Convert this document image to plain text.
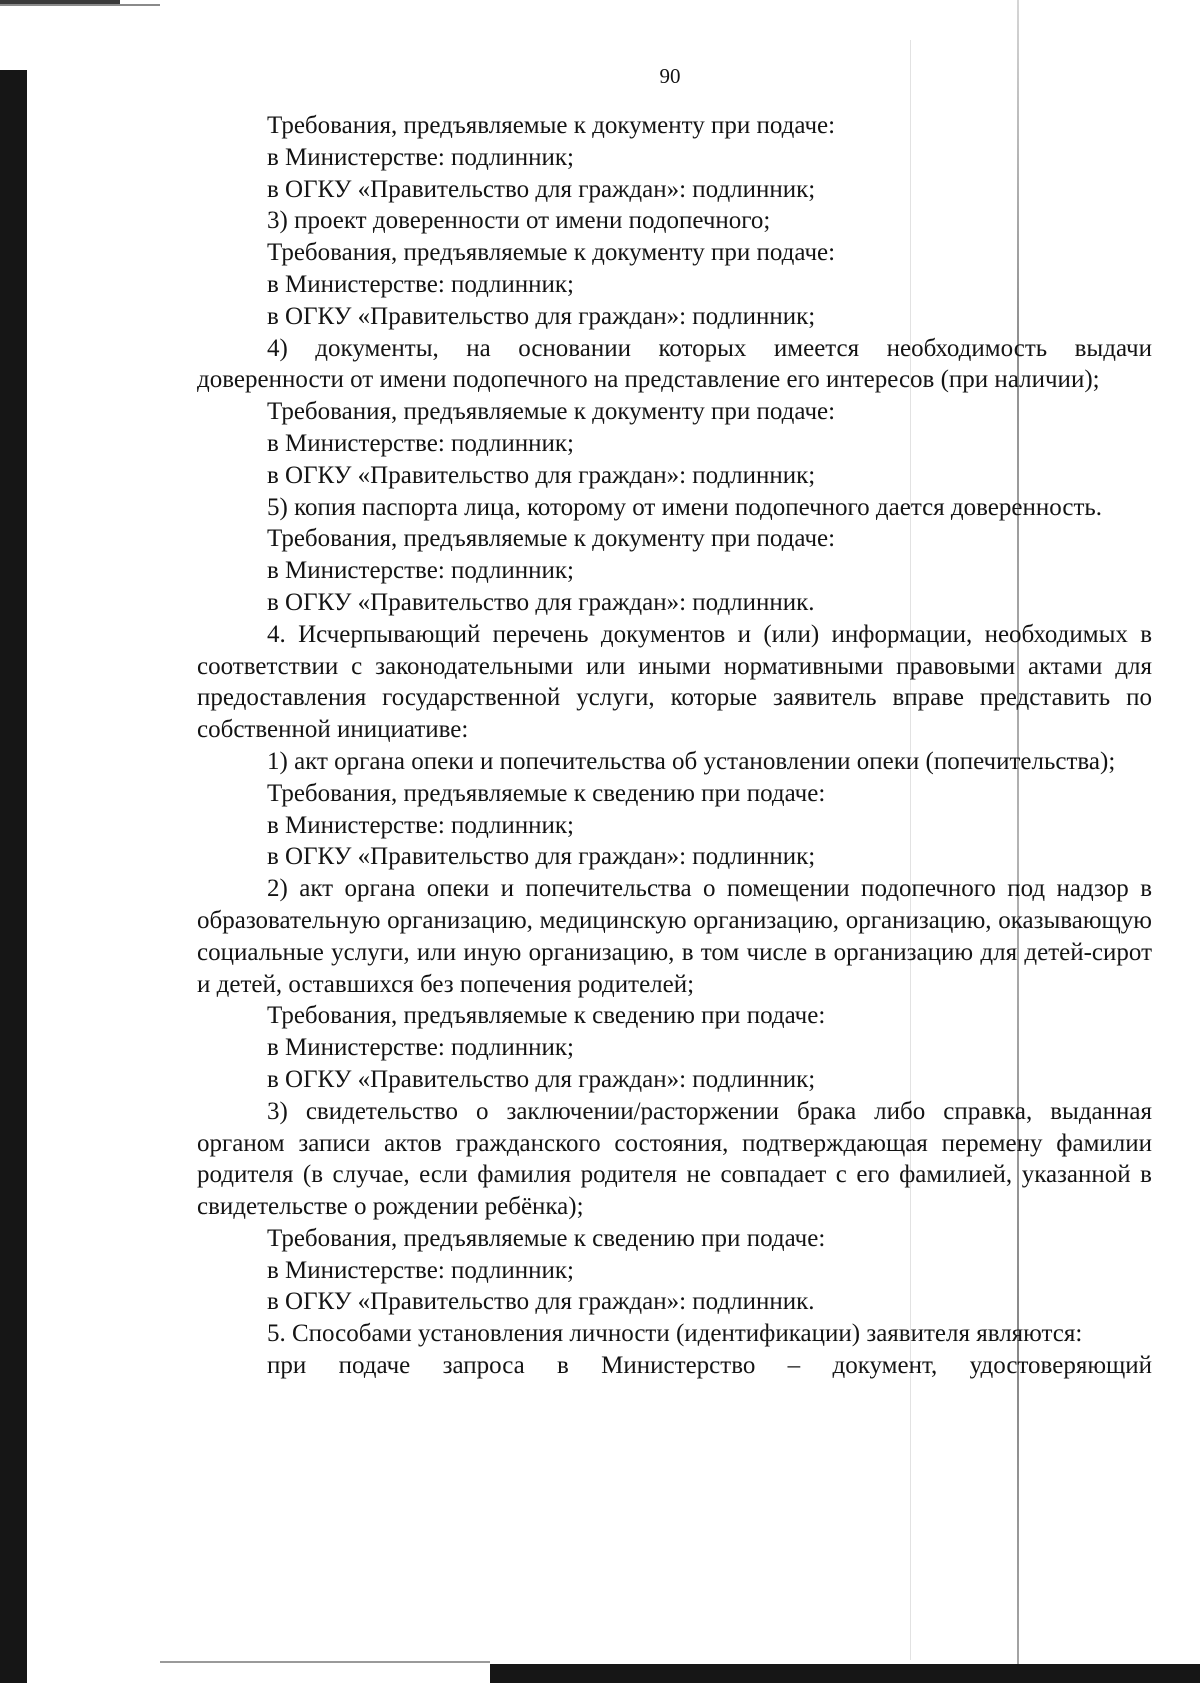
90

Требования, предъявляемые к документу при подаче:

в Министерстве: подлинник;

в ОГКУ «Правительство для граждан»: подлинник;

3) проект доверенности от имени подопечного;

Требования, предъявляемые к документу при подаче:

в Министерстве: подлинник;

в ОГКУ «Правительство для граждан»: подлинник;

4) документы, на основании которых имеется необходимость выдачи доверенности от имени подопечного на представление его интересов (при наличии);

Требования, предъявляемые к документу при подаче:

в Министерстве: подлинник;

в ОГКУ «Правительство для граждан»: подлинник;

5) копия паспорта лица, которому от имени подопечного дается доверенность.

Требования, предъявляемые к документу при подаче:

в Министерстве: подлинник;

в ОГКУ «Правительство для граждан»: подлинник.

4. Исчерпывающий перечень документов и (или) информации, необходимых в соответствии с законодательными или иными нормативными правовыми актами для предоставления государственной услуги, которые заявитель вправе представить по собственной инициативе:

1) акт органа опеки и попечительства об установлении опеки (попечительства);

Требования, предъявляемые к сведению при подаче:

в Министерстве: подлинник;

в ОГКУ «Правительство для граждан»: подлинник;

2) акт органа опеки и попечительства о помещении подопечного под надзор в образовательную организацию, медицинскую организацию, организацию, оказывающую социальные услуги, или иную организацию, в том числе в организацию для детей-сирот и детей, оставшихся без попечения родителей;

Требования, предъявляемые к сведению при подаче:

в Министерстве: подлинник;

в ОГКУ «Правительство для граждан»: подлинник;

3) свидетельство о заключении/расторжении брака либо справка, выданная органом записи актов гражданского состояния, подтверждающая перемену фамилии родителя (в случае, если фамилия родителя не совпадает с его фамилией, указанной в свидетельстве о рождении ребёнка);

Требования, предъявляемые к сведению при подаче:

в Министерстве: подлинник;

в ОГКУ «Правительство для граждан»: подлинник.

5. Способами установления личности (идентификации) заявителя являются:

при подаче запроса в Министерство – документ, удостоверяющий
